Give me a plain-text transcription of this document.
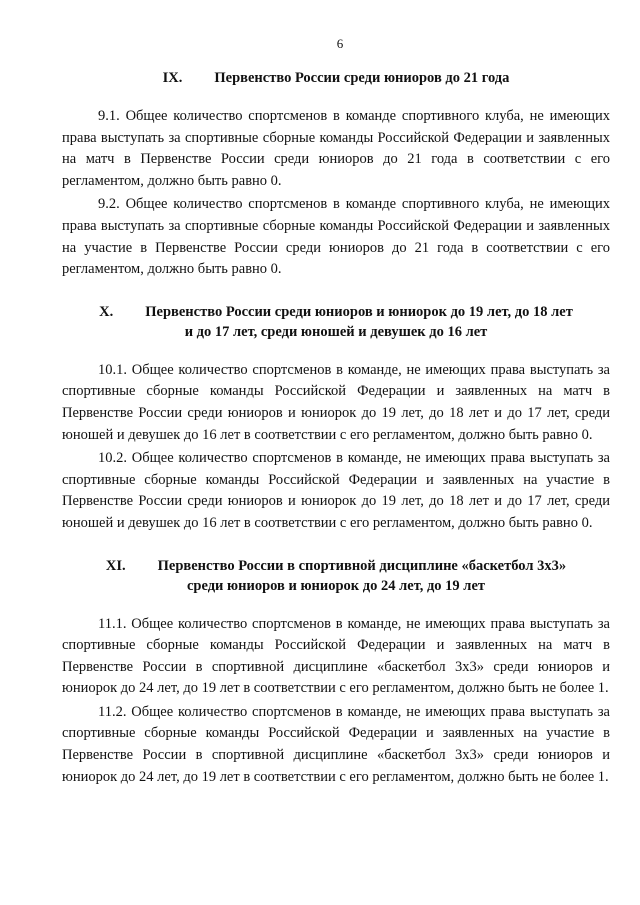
6
IX. Первенство России среди юниоров до 21 года

9.1. Общее количество спортсменов в команде спортивного клуба, не имеющих права выступать за спортивные сборные команды Российской Федерации и заявленных на матч в Первенстве России среди юниоров до 21 года в соответствии с его регламентом, должно быть равно 0.

9.2. Общее количество спортсменов в команде спортивного клуба, не имеющих права выступать за спортивные сборные команды Российской Федерации и заявленных на участие в Первенстве России среди юниоров до 21 года в соответствии с его регламентом, должно быть равно 0.

X. Первенство России среди юниоров и юниорок до 19 лет, до 18 лет
и до 17 лет, среди юношей и девушек до 16 лет

10.1. Общее количество спортсменов в команде, не имеющих права выступать за спортивные сборные команды Российской Федерации и заявленных на матч в Первенстве России среди юниоров и юниорок до 19 лет, до 18 лет и до 17 лет, среди юношей и девушек до 16 лет в соответствии с его регламентом, должно быть равно 0.

10.2. Общее количество спортсменов в команде, не имеющих права выступать за спортивные сборные команды Российской Федерации и заявленных на участие в Первенстве России среди юниоров и юниорок до 19 лет, до 18 лет и до 17 лет, среди юношей и девушек до 16 лет в соответствии с его регламентом, должно быть равно 0.

XI. Первенство России в спортивной дисциплине «баскетбол 3х3»
среди юниоров и юниорок до 24 лет, до 19 лет

11.1. Общее количество спортсменов в команде, не имеющих права выступать за спортивные сборные команды Российской Федерации и заявленных на матч в Первенстве России в спортивной дисциплине «баскетбол 3х3» среди юниоров и юниорок до 24 лет, до 19 лет в соответствии с его регламентом, должно быть не более 1.

11.2. Общее количество спортсменов в команде, не имеющих права выступать за спортивные сборные команды Российской Федерации и заявленных на участие в Первенстве России в спортивной дисциплине «баскетбол 3х3» среди юниоров и юниорок до 24 лет, до 19 лет в соответствии с его регламентом, должно быть не более 1.
